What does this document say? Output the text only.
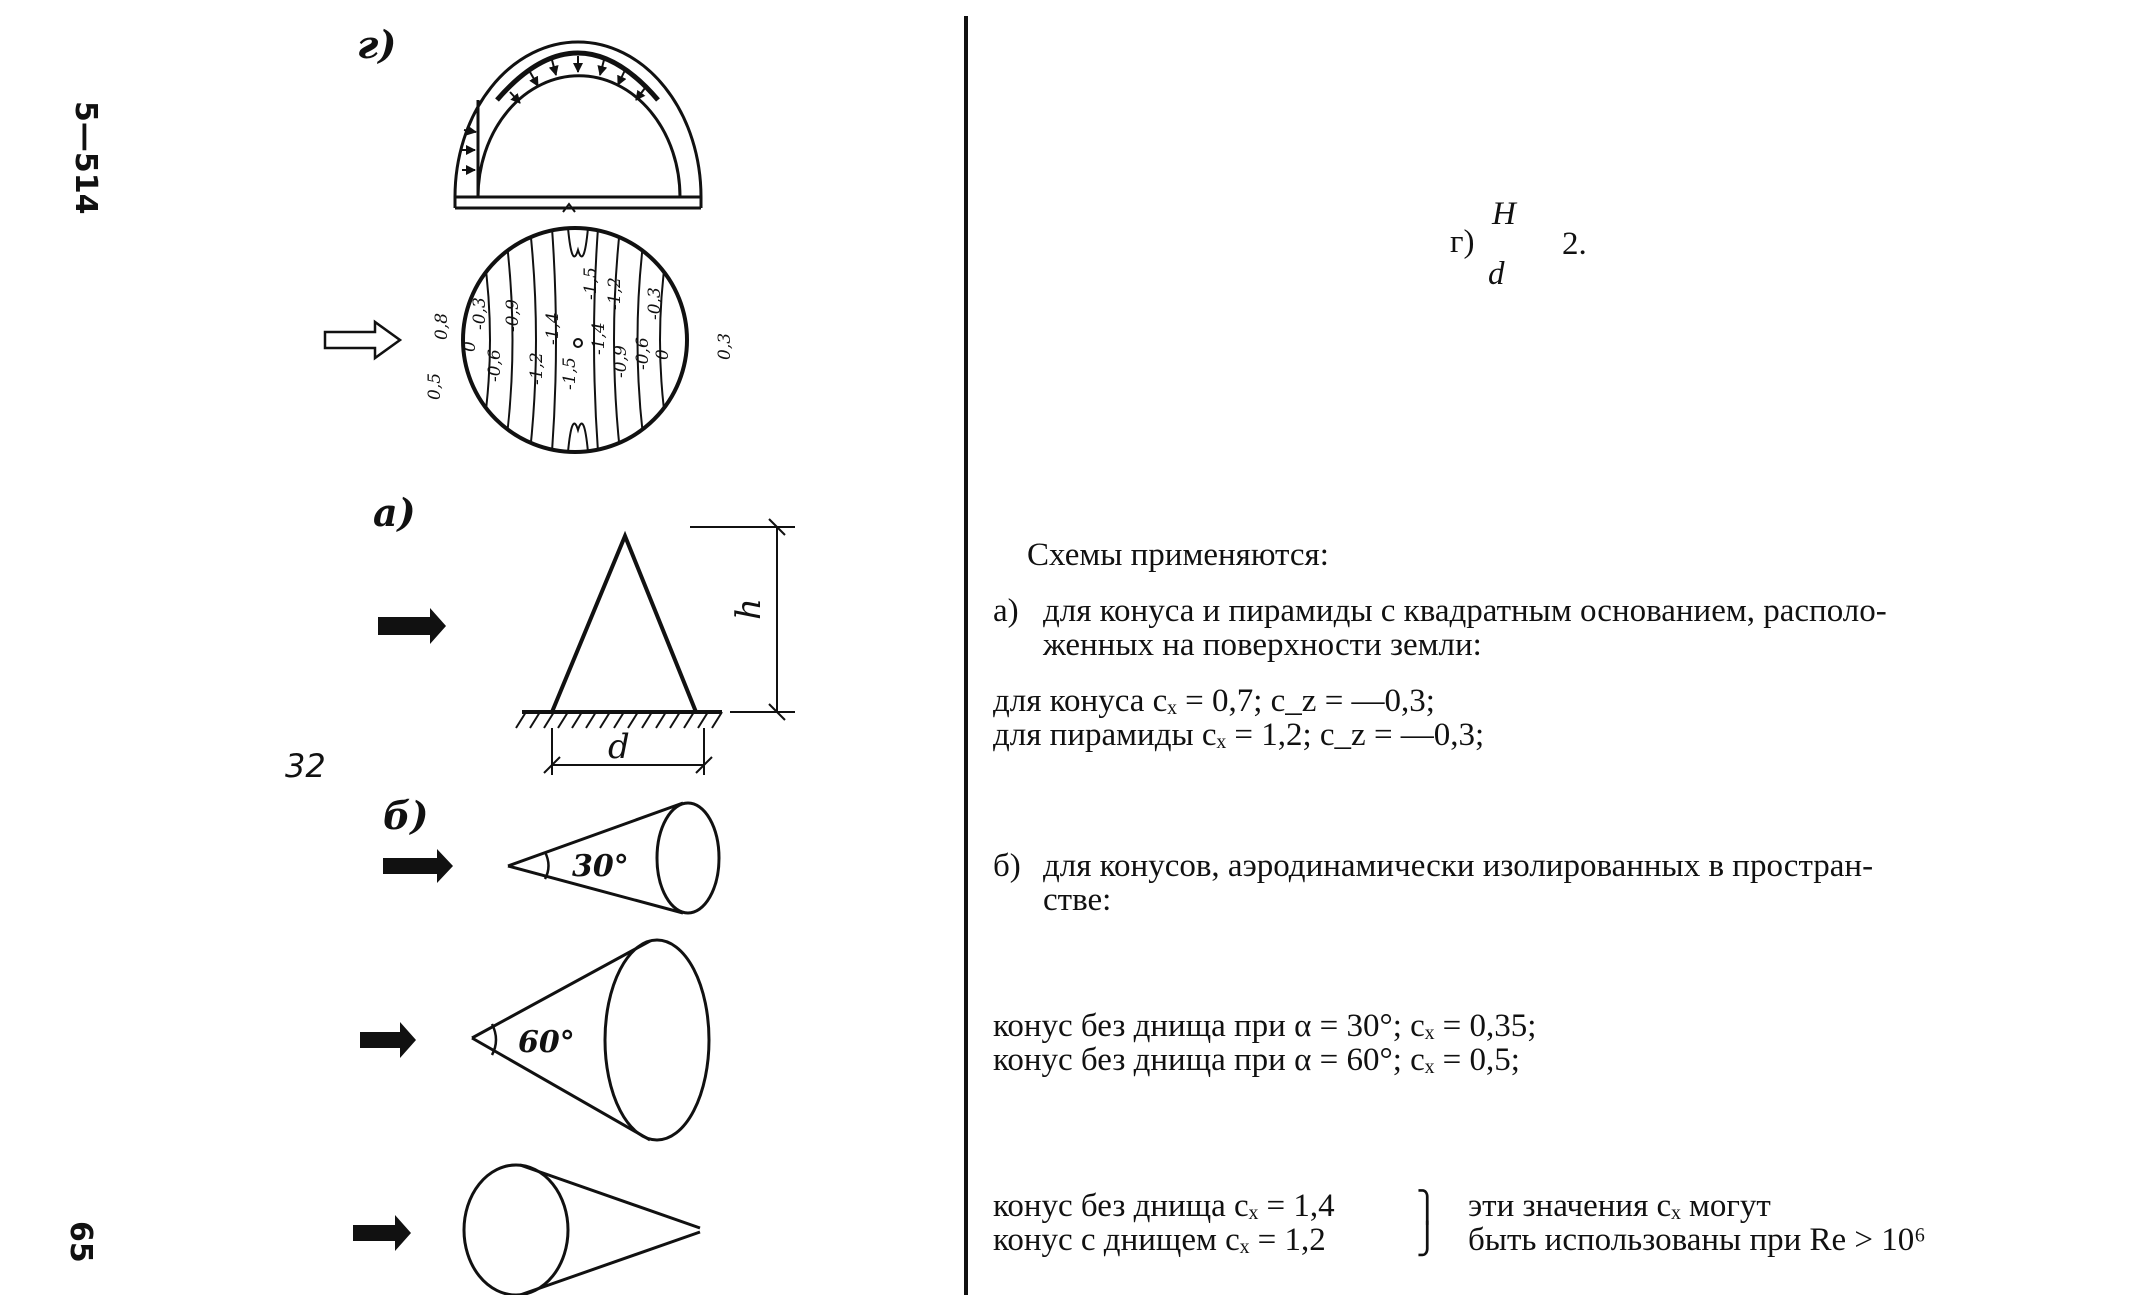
5—514
65
32
г)
а)
б)
0,5
0,8
0
-0,3
-0,6
-0,9
-1,2
-1,4
-1,5
-1,5
-1,4
-1,2
-0,9 -0,6
-0,3
0 0,3
h
d
30°
60°
г)
H
d
2.
Схемы применяются:
а) для конуса и пирамиды с квадратным основанием, располо-
женных на поверхности земли:
для конуса cₓ = 0,7; c_z = —0,3;
для пирамиды cₓ = 1,2; c_z = —0,3;
б) для конусов, аэродинамически изолированных в простран-
стве:
конус без днища при α = 30°; cₓ = 0,35;
конус без днища при α = 60°; cₓ = 0,5;
конус без днища cₓ = 1,4
конус с днищем cₓ = 1,2
⎫
⎭
эти значения cₓ могут
быть использованы при Re > 10⁶
